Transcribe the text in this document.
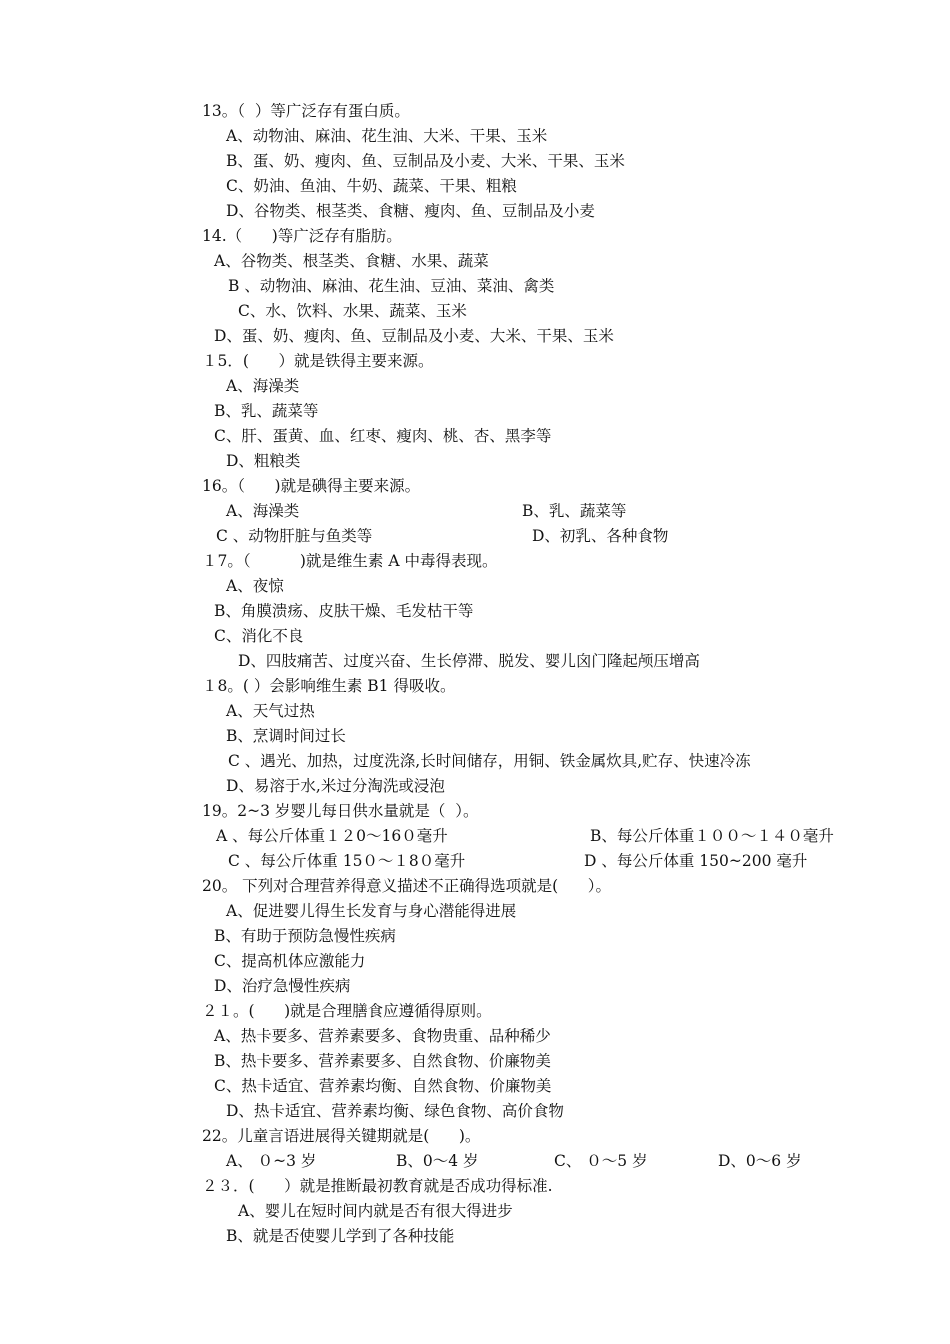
13。（  ）等广泛存有蛋白质。
A、动物油、麻油、花生油、大米、干果、玉米
B、蛋、奶、瘦肉、鱼、豆制品及小麦、大米、干果、玉米
C、奶油、鱼油、牛奶、蔬菜、干果、粗粮
D、谷物类、根茎类、食糖、瘦肉、鱼、豆制品及小麦
14.（      )等广泛存有脂肪。
A、谷物类、根茎类、食糖、水果、蔬菜
B 、动物油、麻油、花生油、豆油、菜油、禽类
C、水、饮料、水果、蔬菜、玉米
D、蛋、奶、瘦肉、鱼、豆制品及小麦、大米、干果、玉米
１5．(      ）就是铁得主要来源。
A、海澡类
B、乳、蔬菜等
C、肝、蛋黄、血、红枣、瘦肉、桃、杏、黑李等
D、粗粮类
16。（      )就是碘得主要来源。
A、海澡类	B、乳、蔬菜等
C 、动物肝脏与鱼类等	D、初乳、各种食物
１7。（          )就是维生素 A 中毒得表现。
A、夜惊
B、角膜溃疡、皮肤干燥、毛发枯干等
C、消化不良
D、四肢痛苦、过度兴奋、生长停滞、脱发、婴儿囟门隆起颅压增高
１8。( ）会影响维生素 B1 得吸收。
A、天气过热
B、烹调时间过长
C 、遇光、加热，过度洗涤,长时间储存，用铜、铁金属炊具,贮存、快速冷冻
D、易溶于水,米过分淘洗或浸泡
19。2~3 岁婴儿每日供水量就是（  ）。
A 、每公斤体重１２0～16０毫升	B、每公斤体重１００～１４０毫升
C 、每公斤体重 15０～１8０毫升	D 、每公斤体重 150~200 毫升
20。 下列对合理营养得意义描述不正确得选项就是(      ）。
A、促进婴儿得生长发育与身心潜能得进展
B、有助于预防急慢性疾病
C、提高机体应激能力
D、治疗急慢性疾病
２１。(      )就是合理膳食应遵循得原则。
A、热卡要多、营养素要多、食物贵重、品种稀少
B、热卡要多、营养素要多、自然食物、价廉物美
C、热卡适宜、营养素均衡、自然食物、价廉物美
D、热卡适宜、营养素均衡、绿色食物、高价食物
22。儿童言语进展得关键期就是(      )。
A、 ０~3 岁	B、0～4 岁	C、 ０～5 岁	D、0～6 岁
２３．(      ）就是推断最初教育就是否成功得标准.
A、婴儿在短时间内就是否有很大得进步
B、就是否使婴儿学到了各种技能
